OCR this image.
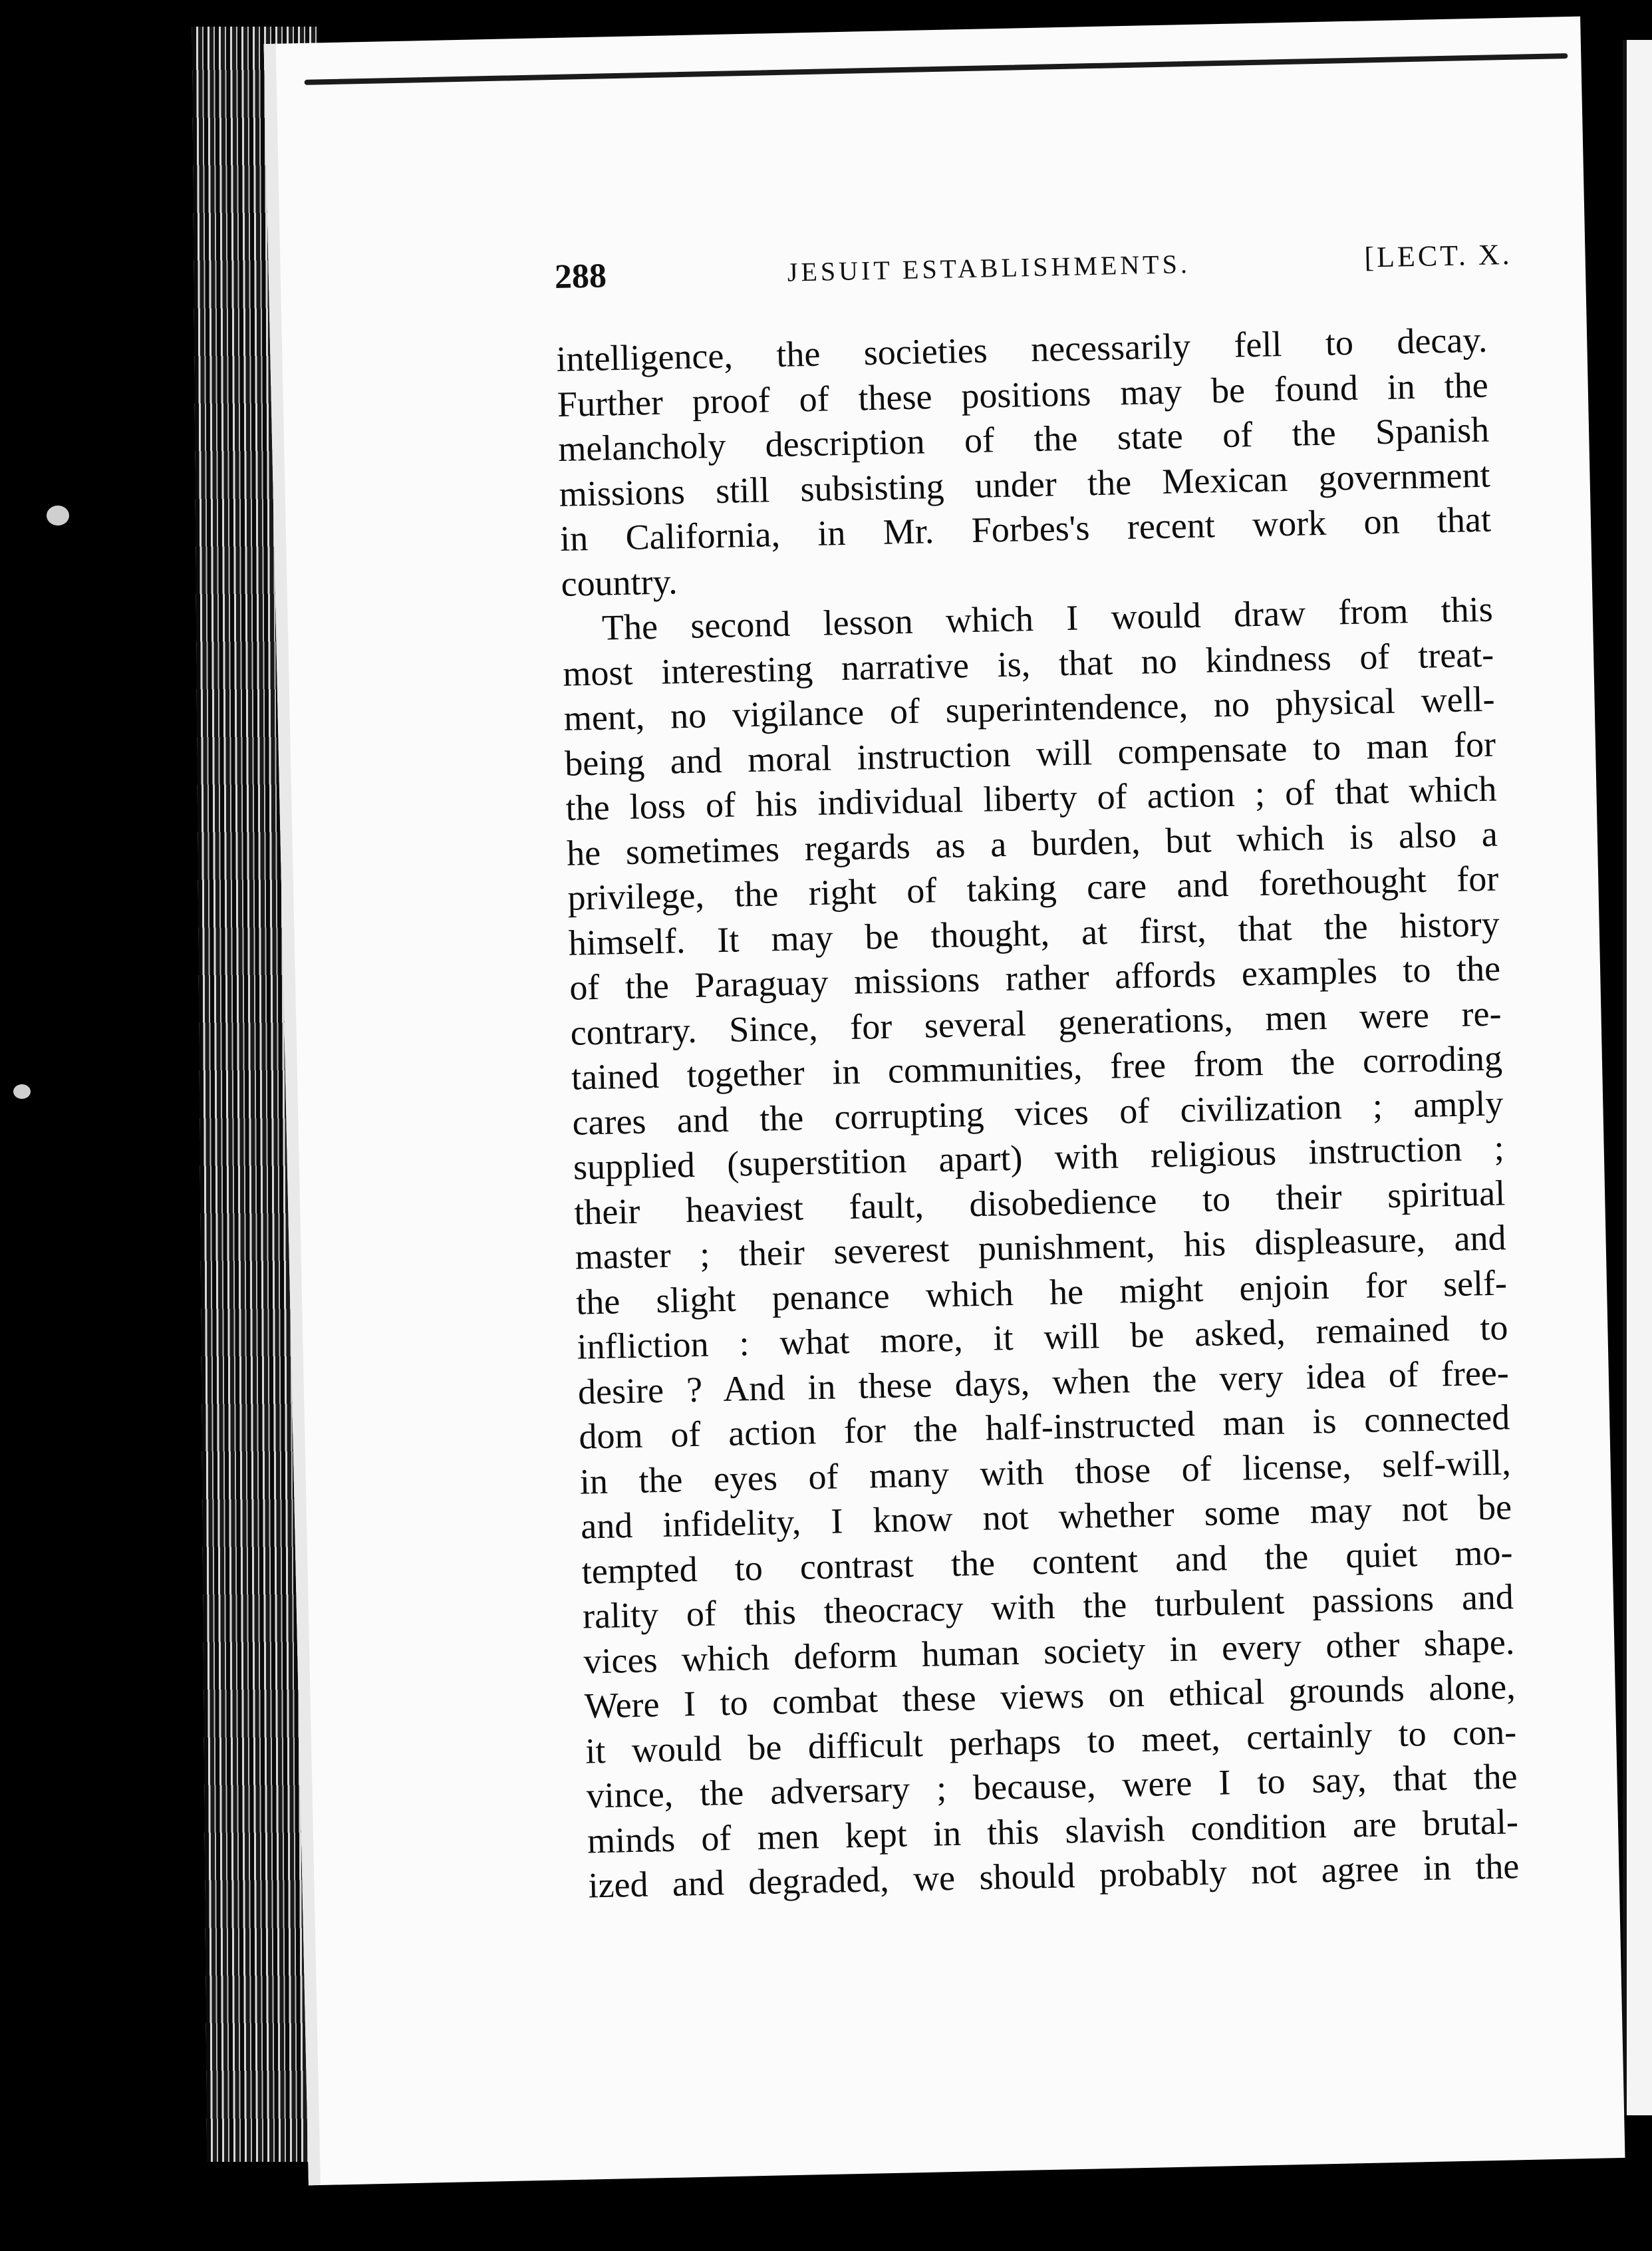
288	JESUIT ESTABLISHMENTS.	[LECT. X.
intelligence, the societies necessarily fell to decay.
Further proof of these positions may be found in the
melancholy description of the state of the Spanish
missions still subsisting under the Mexican government
in California, in Mr. Forbes's recent work on that
country.
The second lesson which I would draw from this
most interesting narrative is, that no kindness of treat-
ment, no vigilance of superintendence, no physical well-
being and moral instruction will compensate to man for
the loss of his individual liberty of action ; of that which
he sometimes regards as a burden, but which is also a
privilege, the right of taking care and forethought for
himself. It may be thought, at first, that the history
of the Paraguay missions rather affords examples to the
contrary. Since, for several generations, men were re-
tained together in communities, free from the corroding
cares and the corrupting vices of civilization ; amply
supplied (superstition apart) with religious instruction ;
their heaviest fault, disobedience to their spiritual
master ; their severest punishment, his displeasure, and
the slight penance which he might enjoin for self-
infliction : what more, it will be asked, remained to
desire ? And in these days, when the very idea of free-
dom of action for the half-instructed man is connected
in the eyes of many with those of license, self-will,
and infidelity, I know not whether some may not be
tempted to contrast the content and the quiet mo-
rality of this theocracy with the turbulent passions and
vices which deform human society in every other shape.
Were I to combat these views on ethical grounds alone,
it would be difficult perhaps to meet, certainly to con-
vince, the adversary ; because, were I to say, that the
minds of men kept in this slavish condition are brutal-
ized and degraded, we should probably not agree in the
